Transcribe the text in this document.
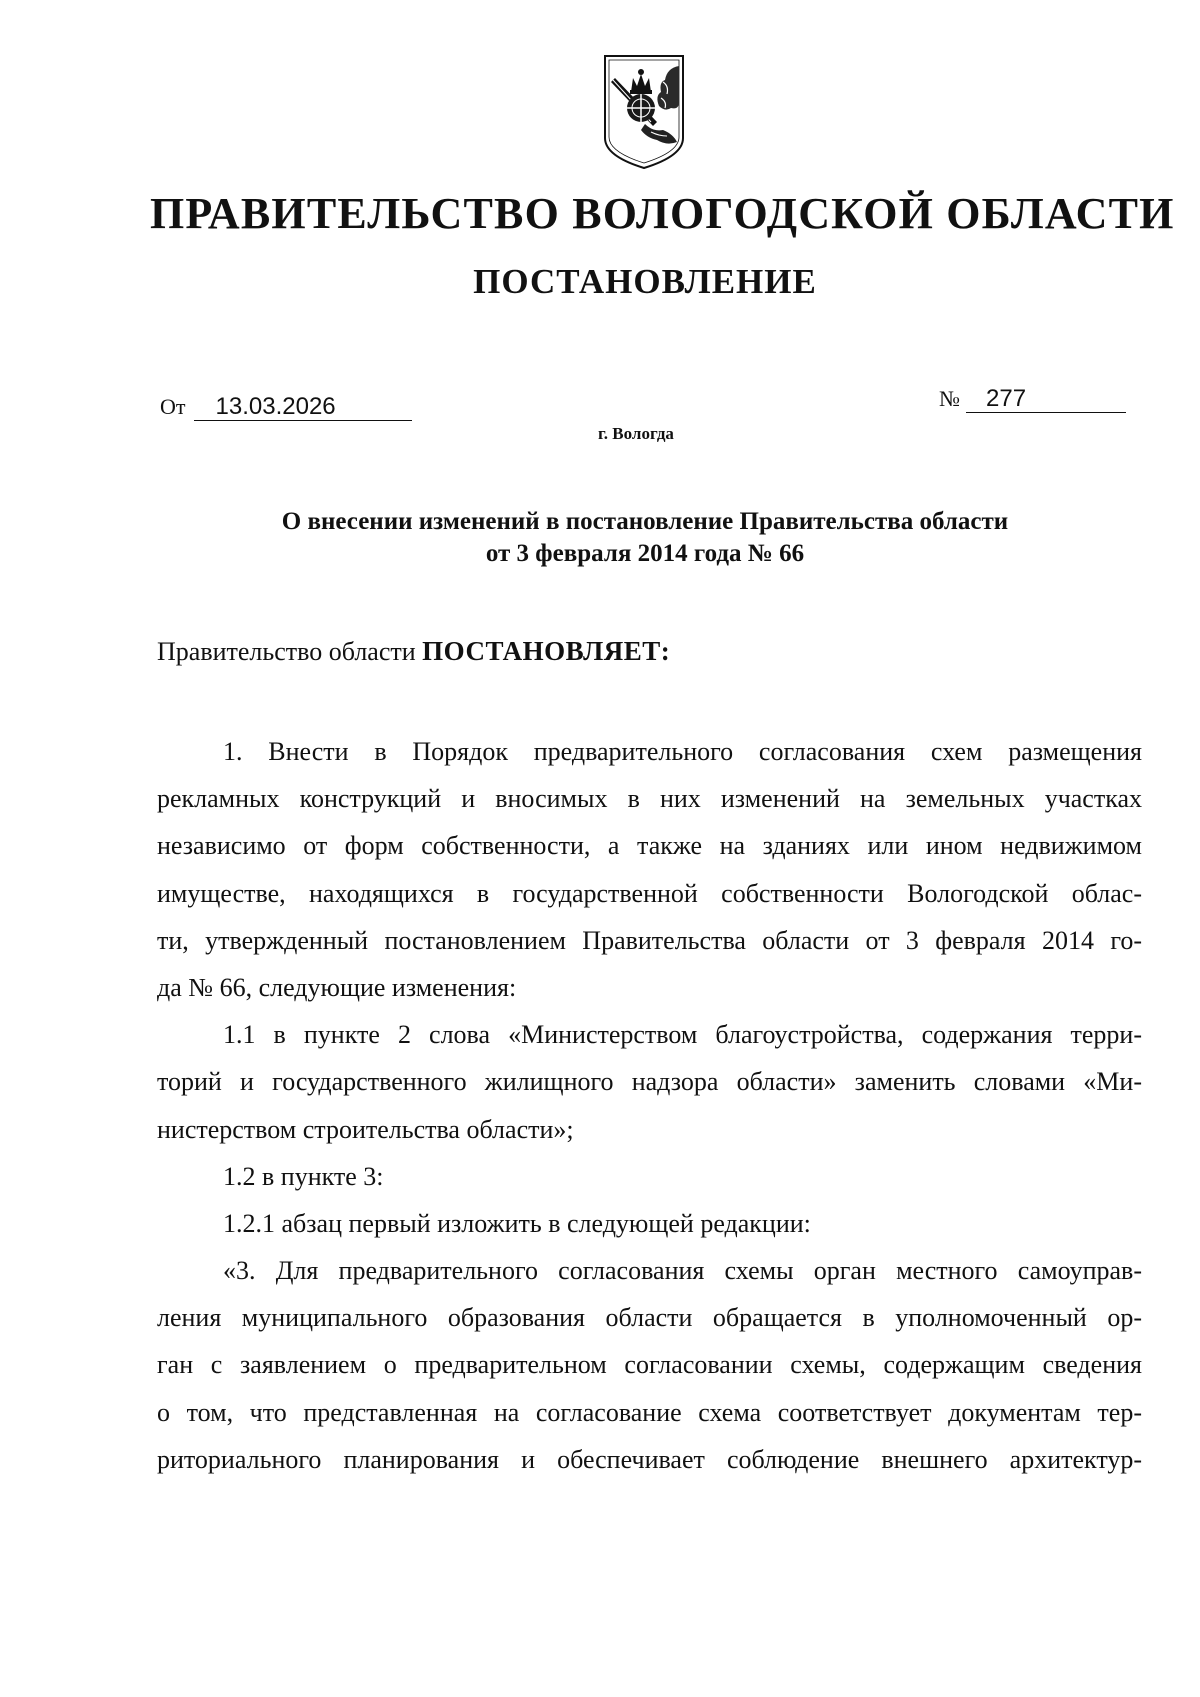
ПРАВИТЕЛЬСТВО ВОЛОГОДСКОЙ ОБЛАСТИ
ПОСТАНОВЛЕНИЕ
От 13.03.2026	№ 277
г. Вологда
О внесении изменений в постановление Правительства области
от 3 февраля 2014 года № 66
Правительство области ПОСТАНОВЛЯЕТ:
1. Внести в Порядок предварительного согласования схем размещения
рекламных конструкций и вносимых в них изменений на земельных участках
независимо от форм собственности, а также на зданиях или ином недвижимом
имуществе, находящихся в государственной собственности Вологодской облас-
ти, утвержденный постановлением Правительства области от 3 февраля 2014 го-
да № 66, следующие изменения:
1.1 в пункте 2 слова «Министерством благоустройства, содержания терри-
торий и государственного жилищного надзора области» заменить словами «Ми-
нистерством строительства области»;
1.2 в пункте 3:
1.2.1 абзац первый изложить в следующей редакции:
«3. Для предварительного согласования схемы орган местного самоуправ-
ления муниципального образования области обращается в уполномоченный ор-
ган с заявлением о предварительном согласовании схемы, содержащим сведения
о том, что представленная на согласование схема соответствует документам тер-
риториального планирования и обеспечивает соблюдение внешнего архитектур-
